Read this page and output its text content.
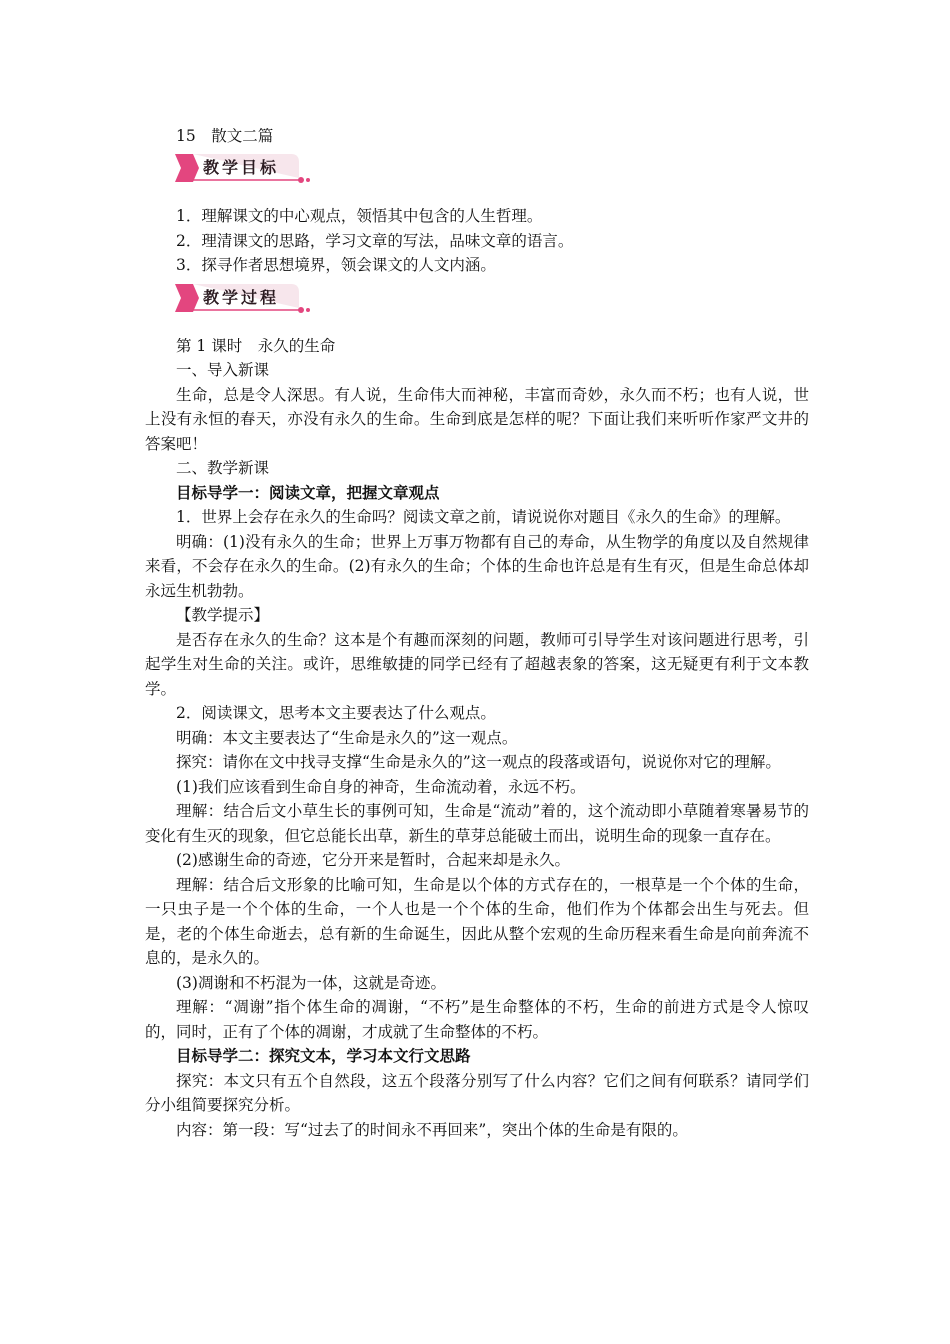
15　散文二篇

教学目标

1．理解课文的中心观点，领悟其中包含的人生哲理。

2．理清课文的思路，学习文章的写法，品味文章的语言。

3．探寻作者思想境界，领会课文的人文内涵。

教学过程

第 1 课时　永久的生命

一、导入新课

生命，总是令人深思。有人说，生命伟大而神秘，丰富而奇妙，永久而不朽；也有人说，世上没有永恒的春天，亦没有永久的生命。生命到底是怎样的呢？下面让我们来听听作家严文井的答案吧！

二、教学新课

目标导学一：阅读文章，把握文章观点

1．世界上会存在永久的生命吗？阅读文章之前，请说说你对题目《永久的生命》的理解。

明确：(1)没有永久的生命；世界上万事万物都有自己的寿命，从生物学的角度以及自然规律来看，不会存在永久的生命。(2)有永久的生命；个体的生命也许总是有生有灭，但是生命总体却永远生机勃勃。

【教学提示】

是否存在永久的生命？这本是个有趣而深刻的问题，教师可引导学生对该问题进行思考，引起学生对生命的关注。或许，思维敏捷的同学已经有了超越表象的答案，这无疑更有利于文本教学。

2．阅读课文，思考本文主要表达了什么观点。

明确：本文主要表达了“生命是永久的”这一观点。

探究：请你在文中找寻支撑“生命是永久的”这一观点的段落或语句，说说你对它的理解。

(1)我们应该看到生命自身的神奇，生命流动着，永远不朽。

理解：结合后文小草生长的事例可知，生命是“流动”着的，这个流动即小草随着寒暑易节的变化有生灭的现象，但它总能长出草，新生的草芽总能破土而出，说明生命的现象一直存在。

(2)感谢生命的奇迹，它分开来是暂时，合起来却是永久。

理解：结合后文形象的比喻可知，生命是以个体的方式存在的，一根草是一个个体的生命，一只虫子是一个个体的生命，一个人也是一个个体的生命，他们作为个体都会出生与死去。但是，老的个体生命逝去，总有新的生命诞生，因此从整个宏观的生命历程来看生命是向前奔流不息的，是永久的。

(3)凋谢和不朽混为一体，这就是奇迹。

理解：“凋谢”指个体生命的凋谢，“不朽”是生命整体的不朽，生命的前进方式是令人惊叹的，同时，正有了个体的凋谢，才成就了生命整体的不朽。

目标导学二：探究文本，学习本文行文思路

探究：本文只有五个自然段，这五个段落分别写了什么内容？它们之间有何联系？请同学们分小组简要探究分析。

内容：第一段：写“过去了的时间永不再回来”，突出个体的生命是有限的。
